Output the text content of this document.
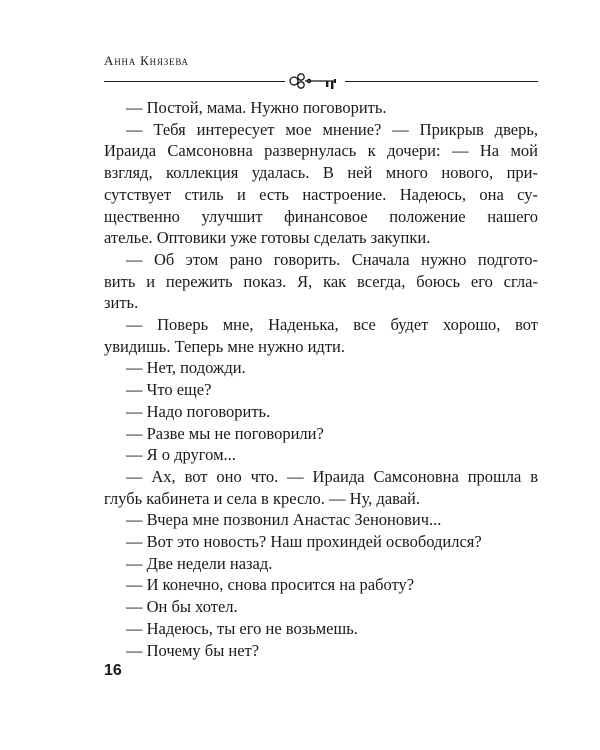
Анна Князева
— Постой, мама. Нужно поговорить.
— Тебя интересует мое мнение? — Прикрыв дверь,
Ираида Самсоновна развернулась к дочери: — На мой
взгляд, коллекция удалась. В ней много нового, при-
сутствует стиль и есть настроение. Надеюсь, она су-
щественно улучшит финансовое положение нашего
ателье. Оптовики уже готовы сделать закупки.
— Об этом рано говорить. Сначала нужно подгото-
вить и пережить показ. Я, как всегда, боюсь его сгла-
зить.
— Поверь мне, Наденька, все будет хорошо, вот
увидишь. Теперь мне нужно идти.
— Нет, подожди.
— Что еще?
— Надо поговорить.
— Разве мы не поговорили?
— Я о другом...
— Ах, вот оно что. — Ираида Самсоновна прошла в
глубь кабинета и села в кресло. — Ну, давай.
— Вчера мне позвонил Анастас Зенонович...
— Вот это новость? Наш прохиндей освободился?
— Две недели назад.
— И конечно, снова просится на работу?
— Он бы хотел.
— Надеюсь, ты его не возьмешь.
— Почему бы нет?
16
